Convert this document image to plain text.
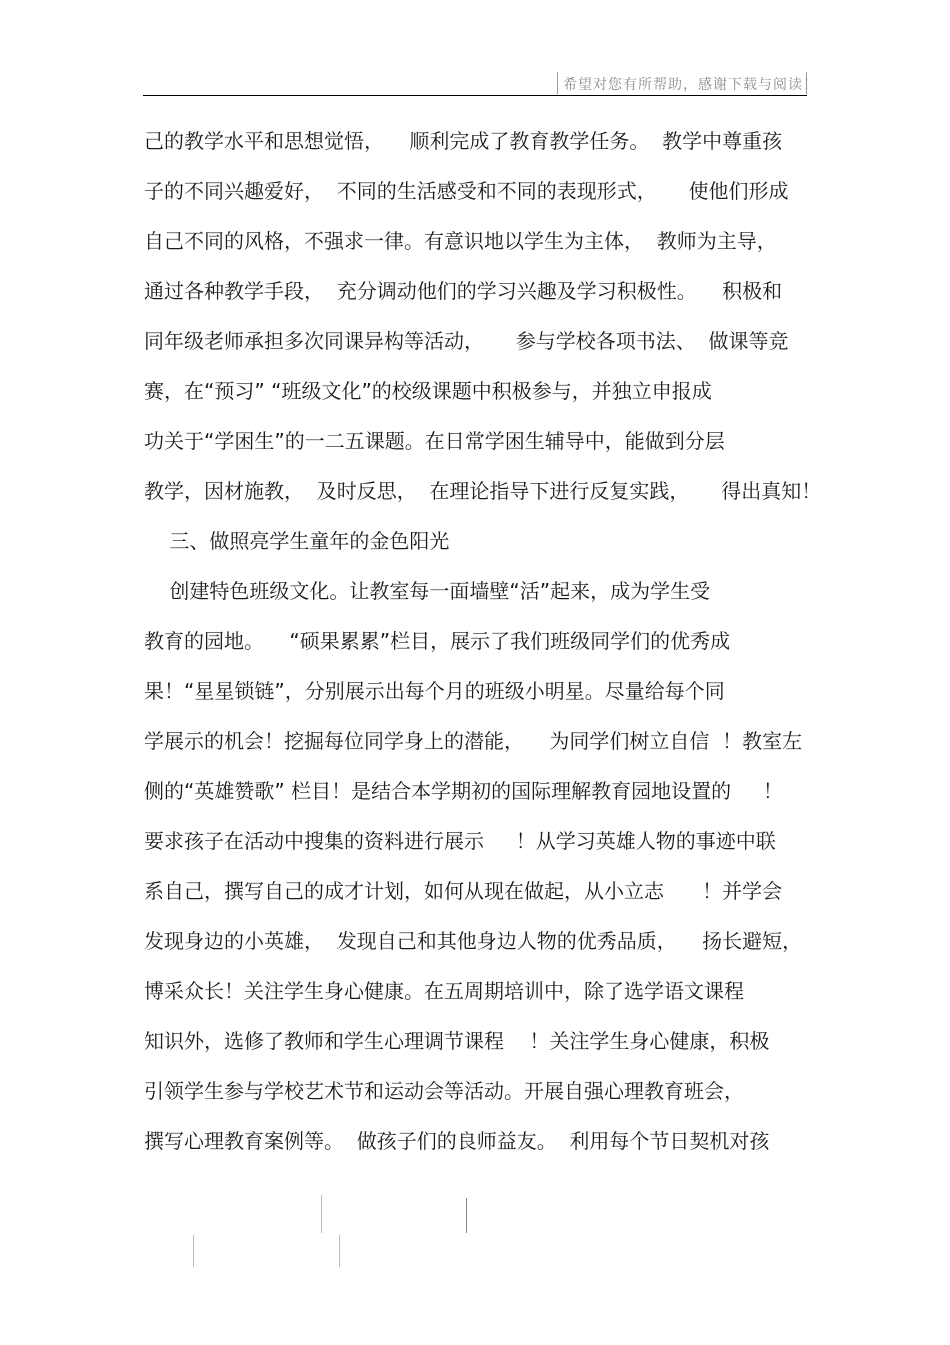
希望对您有所帮助，感谢下载与阅读！
己的教学水平和思想觉悟，    顺利完成了教育教学任务。  教学中尊重孩
子的不同兴趣爱好，  不同的生活感受和不同的表现形式，     使他们形成
自己不同的风格，不强求一律。有意识地以学生为主体，  教师为主导，
通过各种教学手段，  充分调动他们的学习兴趣及学习积极性。    积极和
同年级老师承担多次同课异构等活动，     参与学校各项书法、  做课等竞
赛，在“预习” “班级文化”的校级课题中积极参与，并独立申报成
功关于“学困生”的一二五课题。在日常学困生辅导中，能做到分层
教学，因材施教，  及时反思，  在理论指导下进行反复实践，     得出真知！
三、做照亮学生童年的金色阳光
创建特色班级文化。让教室每一面墙壁“活”起来，成为学生受
教育的园地。    “硕果累累”栏目，展示了我们班级同学们的优秀成
果！“星星锁链”，分别展示出每个月的班级小明星。尽量给每个同
学展示的机会！挖掘每位同学身上的潜能，    为同学们树立自信  ！教室左
侧的“英雄赞歌” 栏目！是结合本学期初的国际理解教育园地设置的     ！
要求孩子在活动中搜集的资料进行展示     ！从学习英雄人物的事迹中联
系自己，撰写自己的成才计划，如何从现在做起，从小立志      ！并学会
发现身边的小英雄，  发现自己和其他身边人物的优秀品质，    扬长避短，
博采众长！关注学生身心健康。在五周期培训中，除了选学语文课程
知识外，选修了教师和学生心理调节课程    ！关注学生身心健康，积极
引领学生参与学校艺术节和运动会等活动。开展自强心理教育班会，
撰写心理教育案例等。  做孩子们的良师益友。  利用每个节日契机对孩
